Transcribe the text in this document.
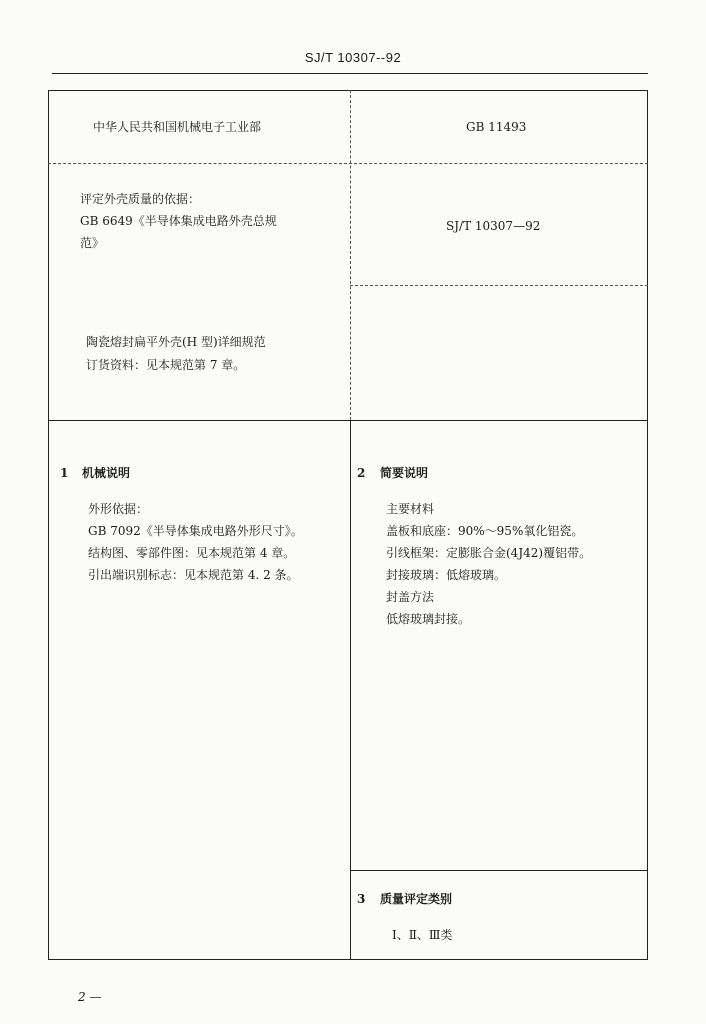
SJ/T 10307--92
中华人民共和国机械电子工业部	GB 11493
评定外壳质量的依据：
GB 6649《半导体集成电路外壳总规
范》
SJ/T 10307—92
陶瓷熔封扁平外壳(H 型)详细规范
订货资料：见本规范第 7 章。
1 机械说明
外形依据：
GB 7092《半导体集成电路外形尺寸》。
结构图、零部件图：见本规范第 4 章。
引出端识别标志：见本规范第 4. 2 条。
2 简要说明
主要材料
盖板和底座：90%～95%氧化铝瓷。
引线框架：定膨胀合金(4J42)覆铝带。
封接玻璃：低熔玻璃。
封盖方法
低熔玻璃封接。
3 质量评定类别
Ⅰ、Ⅱ、Ⅲ类
2 —
